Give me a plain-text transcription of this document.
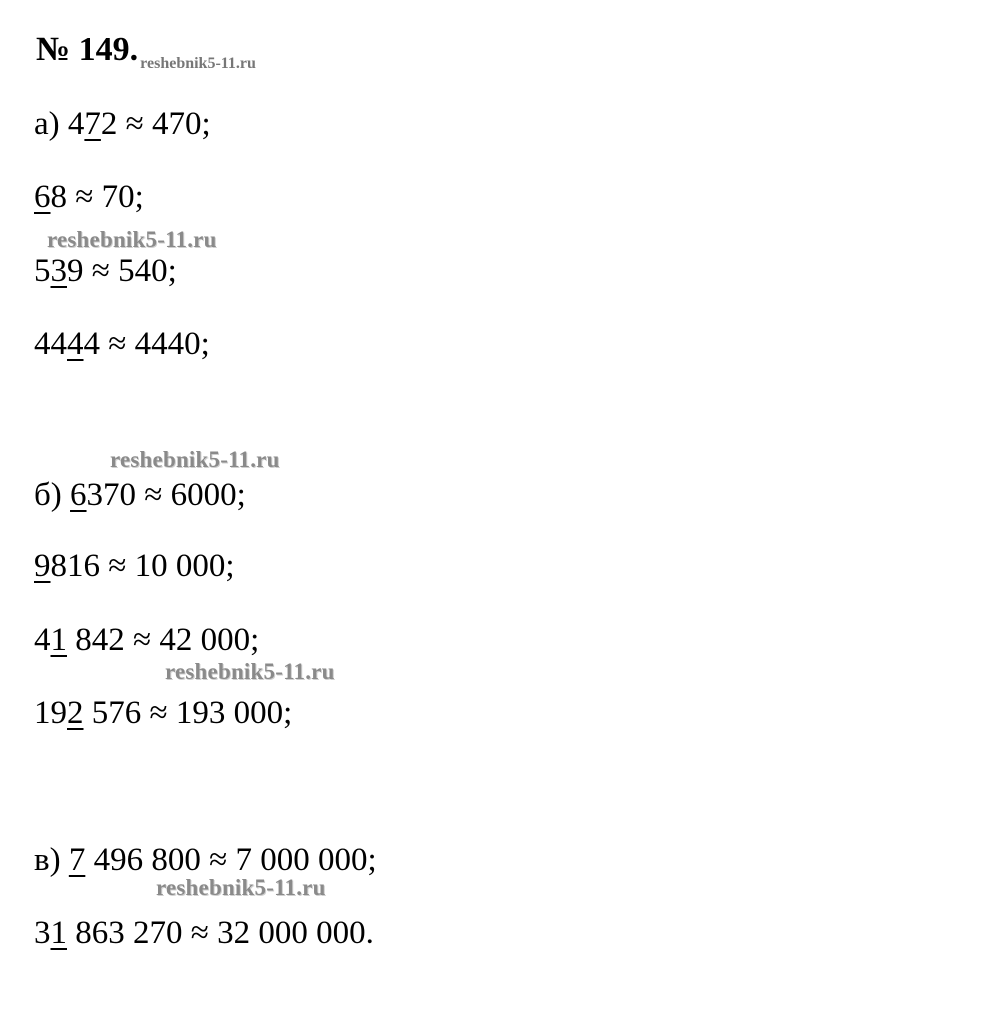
№ 149. $_{reshebnik5-11.ru}$
а) 472 ≈ 470;
68 ≈ 70;
reshebnik5-11.ru
539 ≈ 540;
4444 ≈ 4440;
reshebnik5-11.ru
б) 6370 ≈ 6000;
9816 ≈ 10 000;
41 842 ≈ 42 000;
reshebnik5-11.ru
192 576 ≈ 193 000;
в) 7 496 800 ≈ 7 000 000;
reshebnik5-11.ru
31 863 270 ≈ 32 000 000.
